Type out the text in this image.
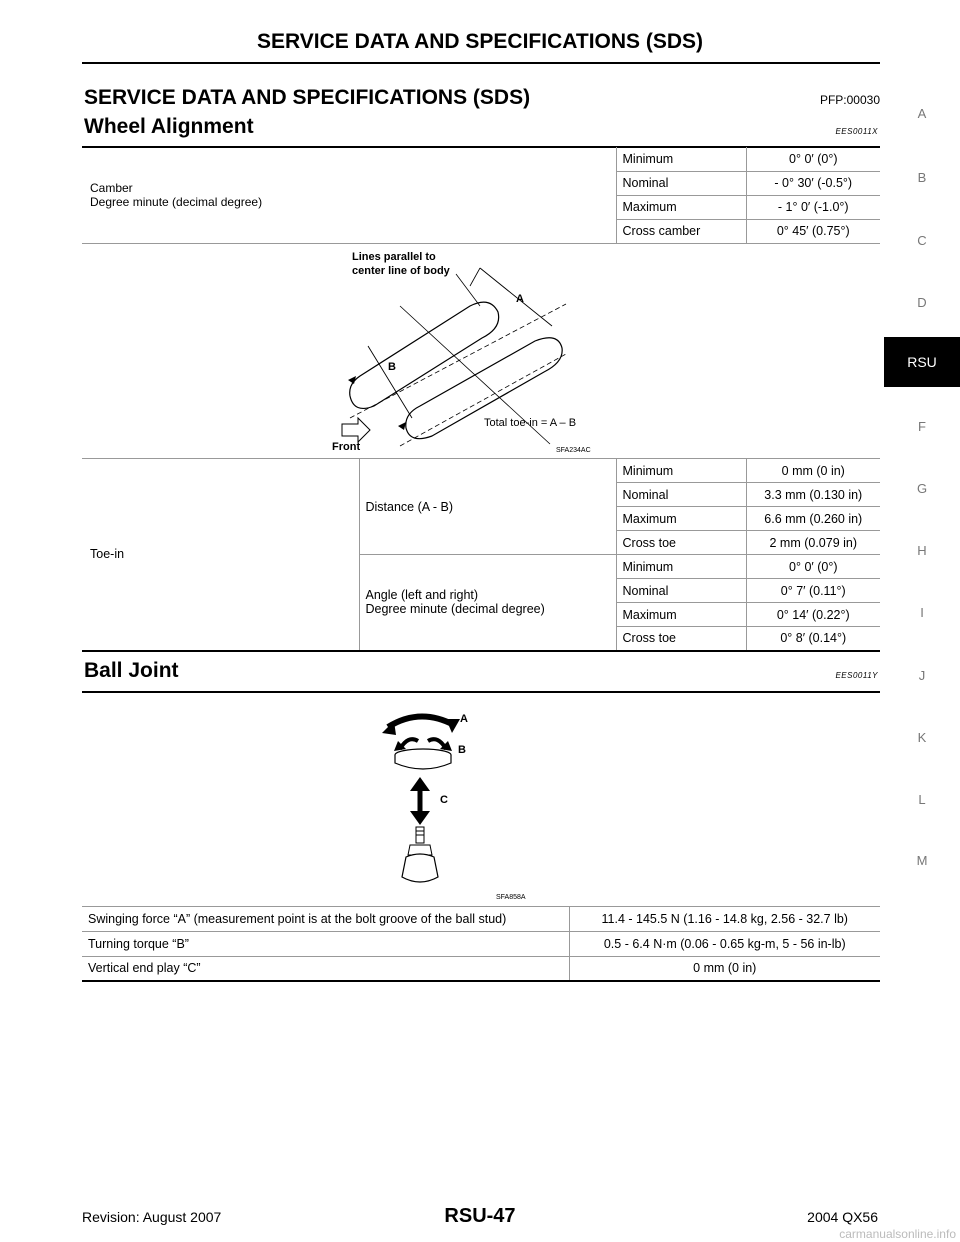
SERVICE DATA AND SPECIFICATIONS (SDS)
SERVICE DATA AND SPECIFICATIONS (SDS)	PFP:00030
Wheel Alignment	EES0011X
Camber
Degree minute (decimal degree)	Minimum	0° 0′ (0°)
	Nominal	- 0° 30′ (-0.5°)
	Maximum	- 1° 0′ (-1.0°)
	Cross camber	0° 45′ (0.75°)
Lines parallel to
center line of body
A
B
Total toe-in = A – B
Front	SFA234AC
Toe-in	Distance (A - B)	Minimum	0 mm (0 in)
		Nominal	3.3 mm (0.130 in)
		Maximum	6.6 mm (0.260 in)
		Cross toe	2 mm (0.079 in)

	Angle (left and right)
Degree minute (decimal degree)	Minimum	0° 0′ (0°)
		Nominal	0° 7′ (0.11°)
		Maximum	0° 14′ (0.22°)
		Cross toe	0° 8′ (0.14°)
Ball Joint	EES0011Y
A
B
C
SFA858A
Swinging force “A” (measurement point is at the bolt groove of the ball stud)	11.4 - 145.5 N (1.16 - 14.8 kg, 2.56 - 32.7 lb)
Turning torque “B”	0.5 - 6.4 N·m (0.06 - 0.65 kg-m, 5 - 56 in-lb)
Vertical end play “C”	0 mm (0 in)
A
B
C
D
RSU
F
G
H
I
J
K
L
M
Revision: August 2007	RSU-47	2004 QX56
carmanualsonline.info
